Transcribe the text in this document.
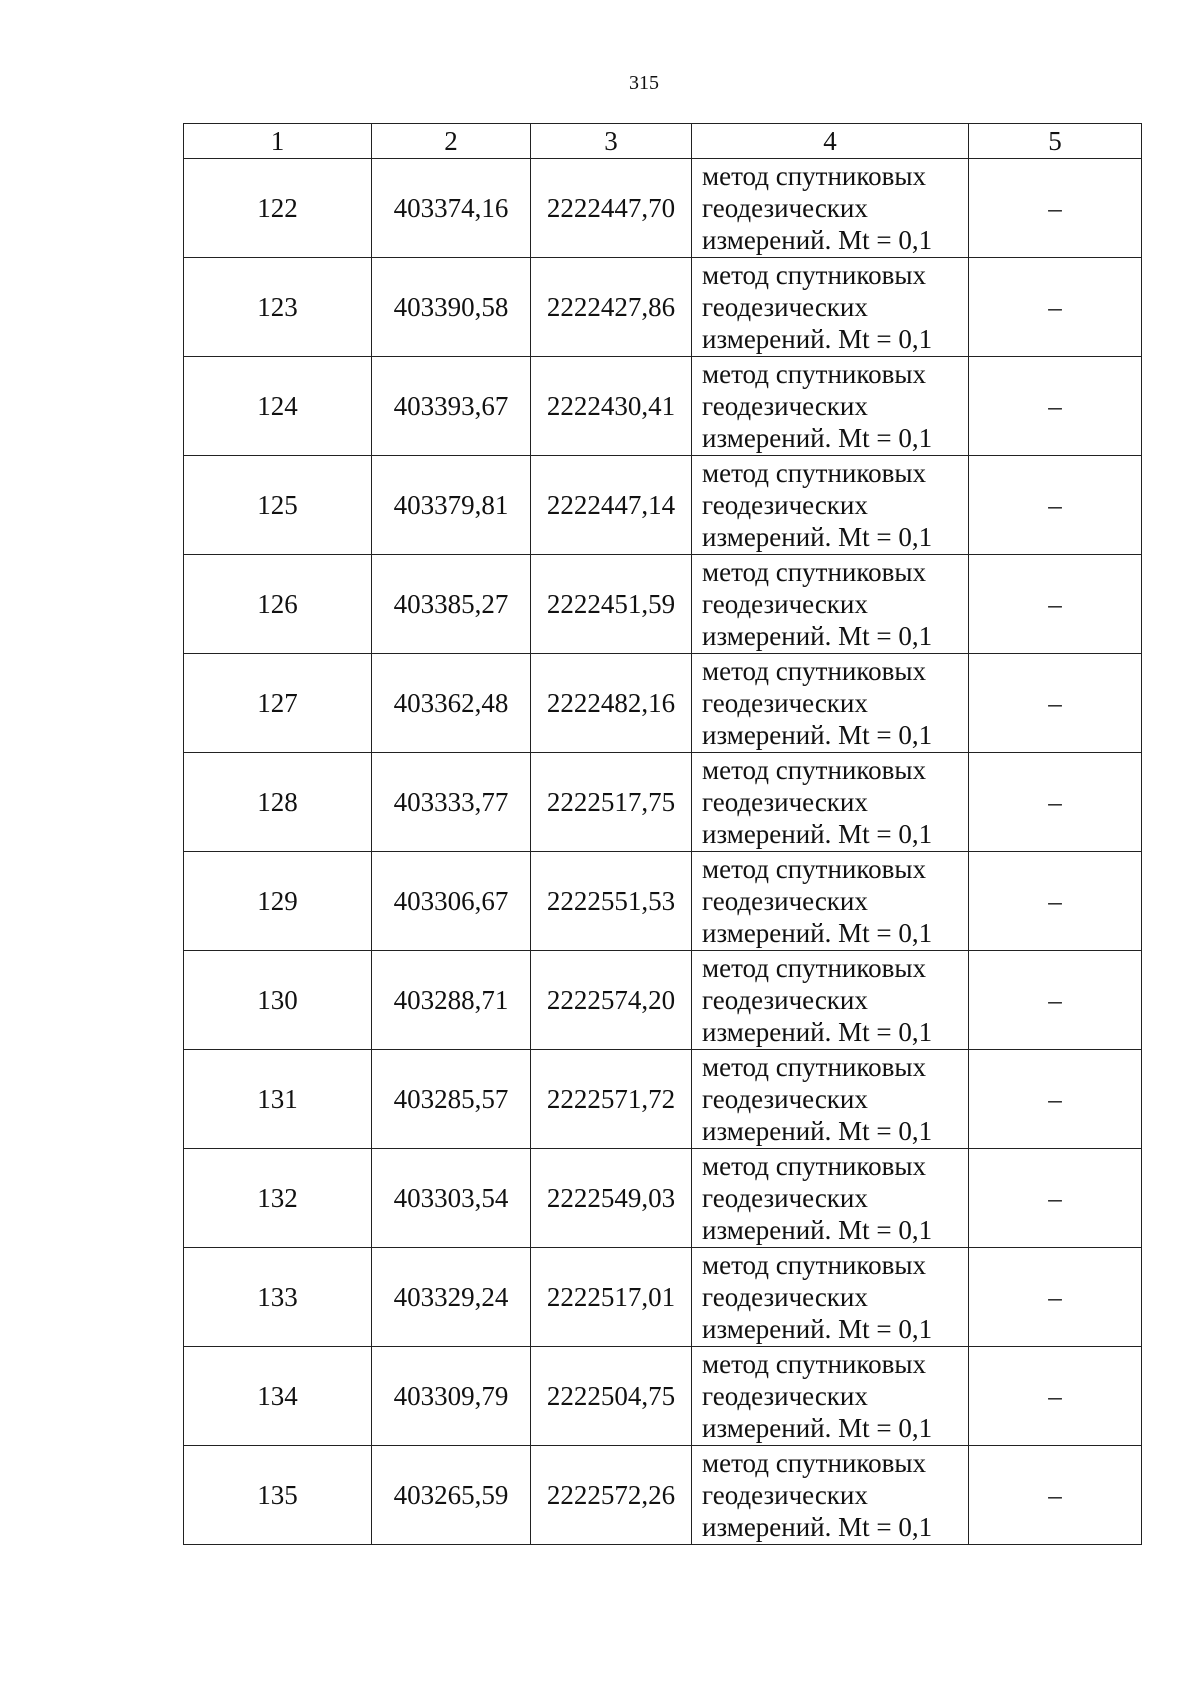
315
1	2	3	4	5
122	403374,16	2222447,70	метод спутниковых
геодезических
измерений. Mt = 0,1	–
123	403390,58	2222427,86	метод спутниковых
геодезических
измерений. Mt = 0,1	–
124	403393,67	2222430,41	метод спутниковых
геодезических
измерений. Mt = 0,1	–
125	403379,81	2222447,14	метод спутниковых
геодезических
измерений. Mt = 0,1	–
126	403385,27	2222451,59	метод спутниковых
геодезических
измерений. Mt = 0,1	–
127	403362,48	2222482,16	метод спутниковых
геодезических
измерений. Mt = 0,1	–
128	403333,77	2222517,75	метод спутниковых
геодезических
измерений. Mt = 0,1	–
129	403306,67	2222551,53	метод спутниковых
геодезических
измерений. Mt = 0,1	–
130	403288,71	2222574,20	метод спутниковых
геодезических
измерений. Mt = 0,1	–
131	403285,57	2222571,72	метод спутниковых
геодезических
измерений. Mt = 0,1	–
132	403303,54	2222549,03	метод спутниковых
геодезических
измерений. Mt = 0,1	–
133	403329,24	2222517,01	метод спутниковых
геодезических
измерений. Mt = 0,1	–
134	403309,79	2222504,75	метод спутниковых
геодезических
измерений. Mt = 0,1	–
135	403265,59	2222572,26	метод спутниковых
геодезических
измерений. Mt = 0,1	–
